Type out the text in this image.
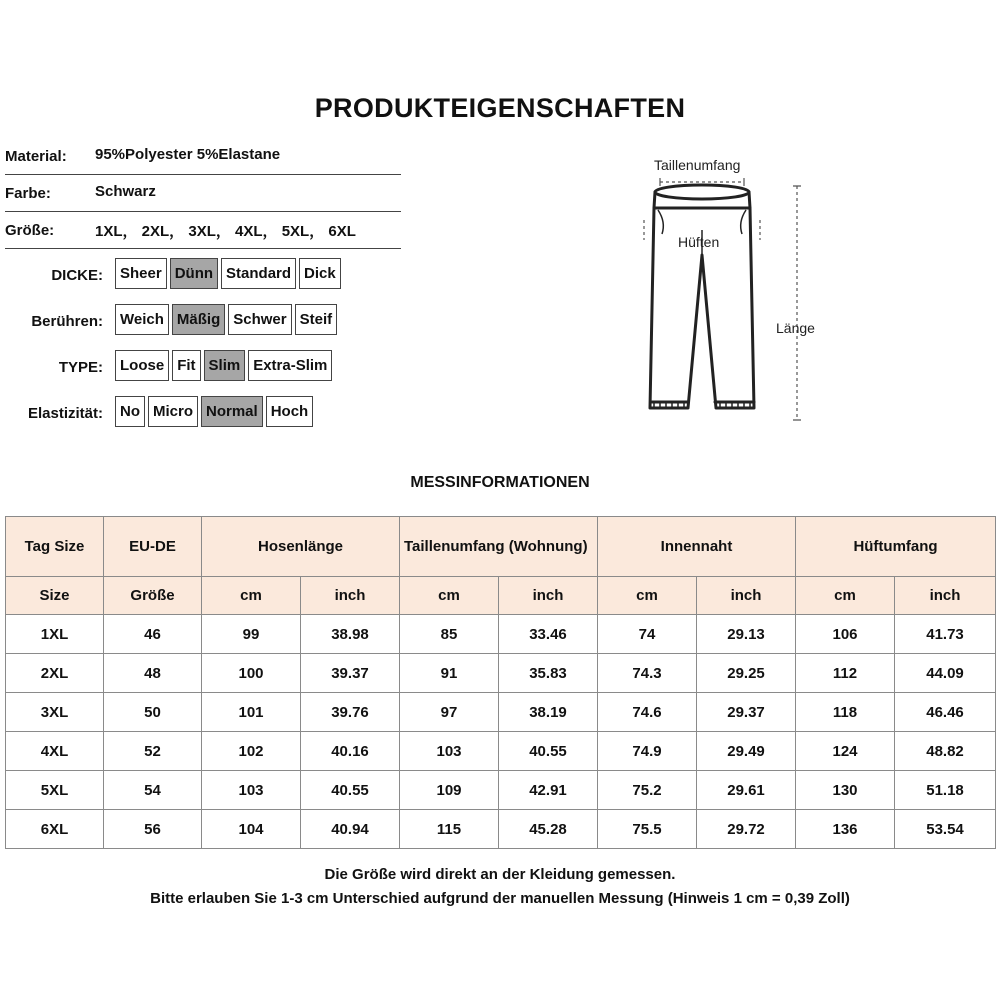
PRODUKTEIGENSCHAFTEN
Material: 95%Polyester 5%Elastane
Farbe:	Schwarz
Größe:	1XL， 2XL， 3XL， 4XL， 5XL， 6XL
DICKE:	Sheer Dünn Standard Dick
Berühren:	Weich Mäßig Schwer Steif
TYPE:	Loose Fit Slim Extra-Slim
Elastizität:	No Micro Normal Hoch
Taillenumfang
Hüften
Länge
MESSINFORMATIONEN
Tag Size	EU-DE	Hosenlänge		Taillenumfang (Wohnung)		Innennaht		Hüftumfang	
Size	Größe	cm	inch	cm	inch	cm	inch	cm	inch
1XL	46	99	38.98	85	33.46	74	29.13	106	41.73
2XL	48	100	39.37	91	35.83	74.3	29.25	112	44.09
3XL	50	101	39.76	97	38.19	74.6	29.37	118	46.46
4XL	52	102	40.16	103	40.55	74.9	29.49	124	48.82
5XL	54	103	40.55	109	42.91	75.2	29.61	130	51.18
6XL	56	104	40.94	115	45.28	75.5	29.72	136	53.54
Die Größe wird direkt an der Kleidung gemessen.
Bitte erlauben Sie 1-3 cm Unterschied aufgrund der manuellen Messung (Hinweis 1 cm = 0,39 Zoll)
